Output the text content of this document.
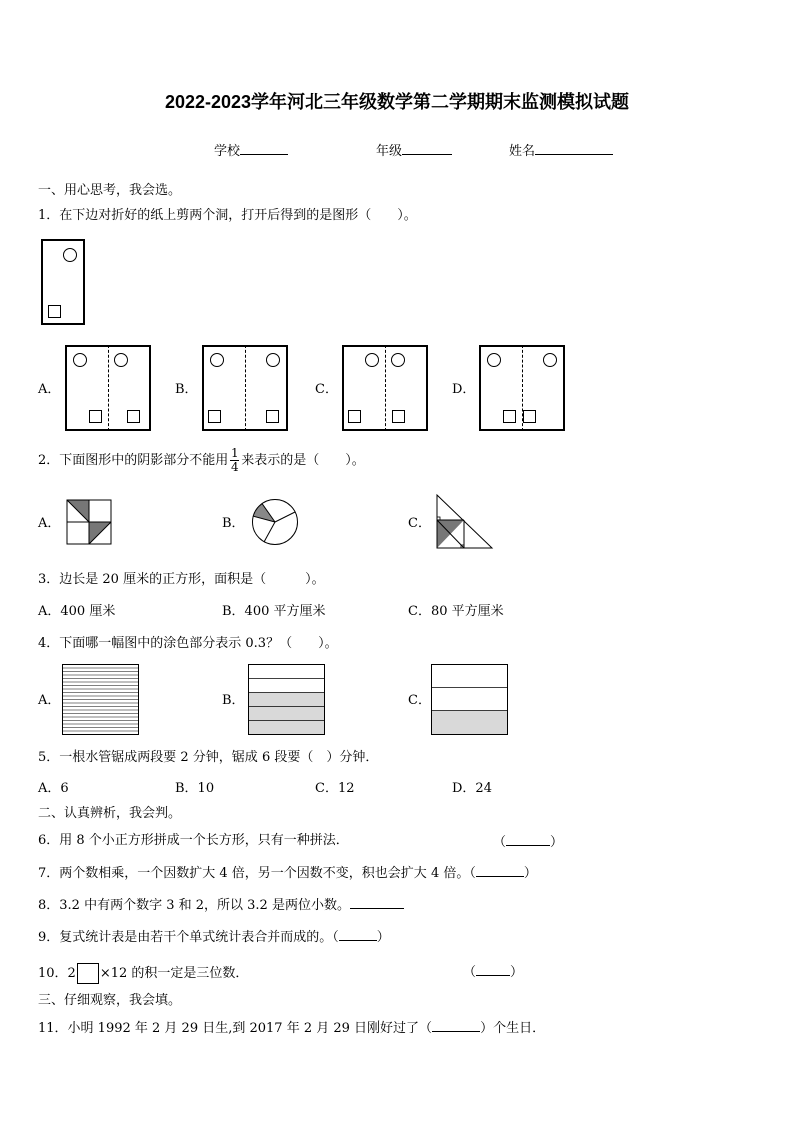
2022-2023学年河北三年级数学第二学期期末监测模拟试题
学校	年级	姓名
一、用心思考，我会选。
1．在下边对折好的纸上剪两个洞，打开后得到的是图形（　　）。
A．	B．	C．	D．
2．下面图形中的阴影部分不能用 $\frac{1}{4}$ 来表示的是（　　）。
A．	B．	C．
3．边长是 20 厘米的正方形，面积是（　　　）。
A．400 厘米	B．400 平方厘米	C．80 平方厘米
4．下面哪一幅图中的涂色部分表示 0.3？（　　）。
A．	B．	C．
5．一根水管锯成两段要 2 分钟，锯成 6 段要（　）分钟．
A．6	B．10	C．12	D．24
二、认真辨析，我会判。
6．用 8 个小正方形拼成一个长方形，只有一种拼法．	（	）
7．两个数相乘，一个因数扩大 4 倍，另一个因数不变，积也会扩大 4 倍。（	）
8．3.2 中有两个数字 3 和 2，所以 3.2 是两位小数。
9．复式统计表是由若干个单式统计表合并而成的。（	）
10．2 ×12 的积一定是三位数．	（	）
三、仔细观察，我会填。
11．小明 1992 年 2 月 29 日生,到 2017 年 2 月 29 日刚好过了（	）个生日．
